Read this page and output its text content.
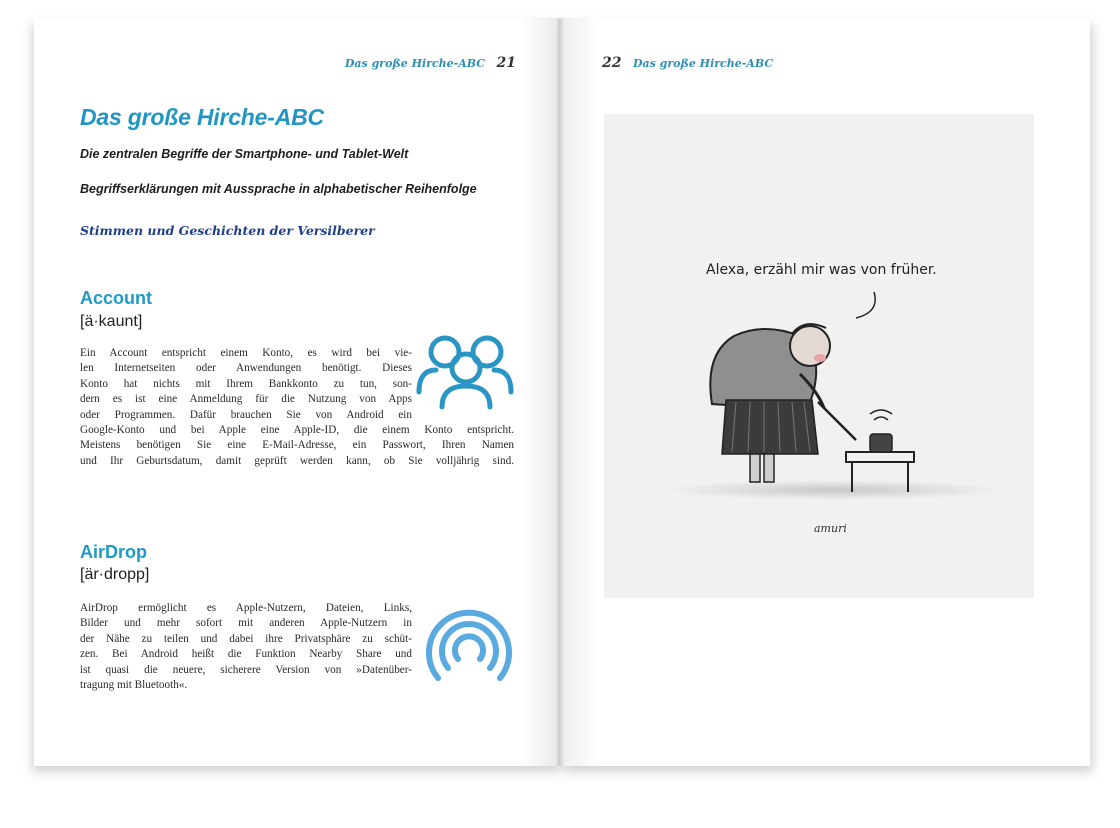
Das große Hirche-ABC 21
Das große Hirche-ABC
Die zentralen Begriffe der Smartphone- und Tablet-Welt
Begriffserklärungen mit Aussprache in alphabetischer Reihenfolge
Stimmen und Geschichten der Versilberer
Account
[ä·kaunt]
Ein Account entspricht einem Konto, es wird bei vie-
len Internetseiten oder Anwendungen benötigt. Dieses
Konto hat nichts mit Ihrem Bankkonto zu tun, son-
dern es ist eine Anmeldung für die Nutzung von Apps
oder Programmen. Dafür brauchen Sie von Android ein
Google-Konto und bei Apple eine Apple-ID, die einem Konto entspricht.
Meistens benötigen Sie eine E-Mail-Adresse, ein Passwort, Ihren Namen
und Ihr Geburtsdatum, damit geprüft werden kann, ob Sie volljährig sind.
AirDrop
[är·dropp]
AirDrop ermöglicht es Apple-Nutzern, Dateien, Links,
Bilder und mehr sofort mit anderen Apple-Nutzern in
der Nähe zu teilen und dabei ihre Privatsphäre zu schüt-
zen. Bei Android heißt die Funktion Nearby Share und
ist quasi die neuere, sicherere Version von »Datenüber-
tragung mit Bluetooth«.
22 Das große Hirche-ABC
Alexa, erzähl mir was von früher.
amuri
